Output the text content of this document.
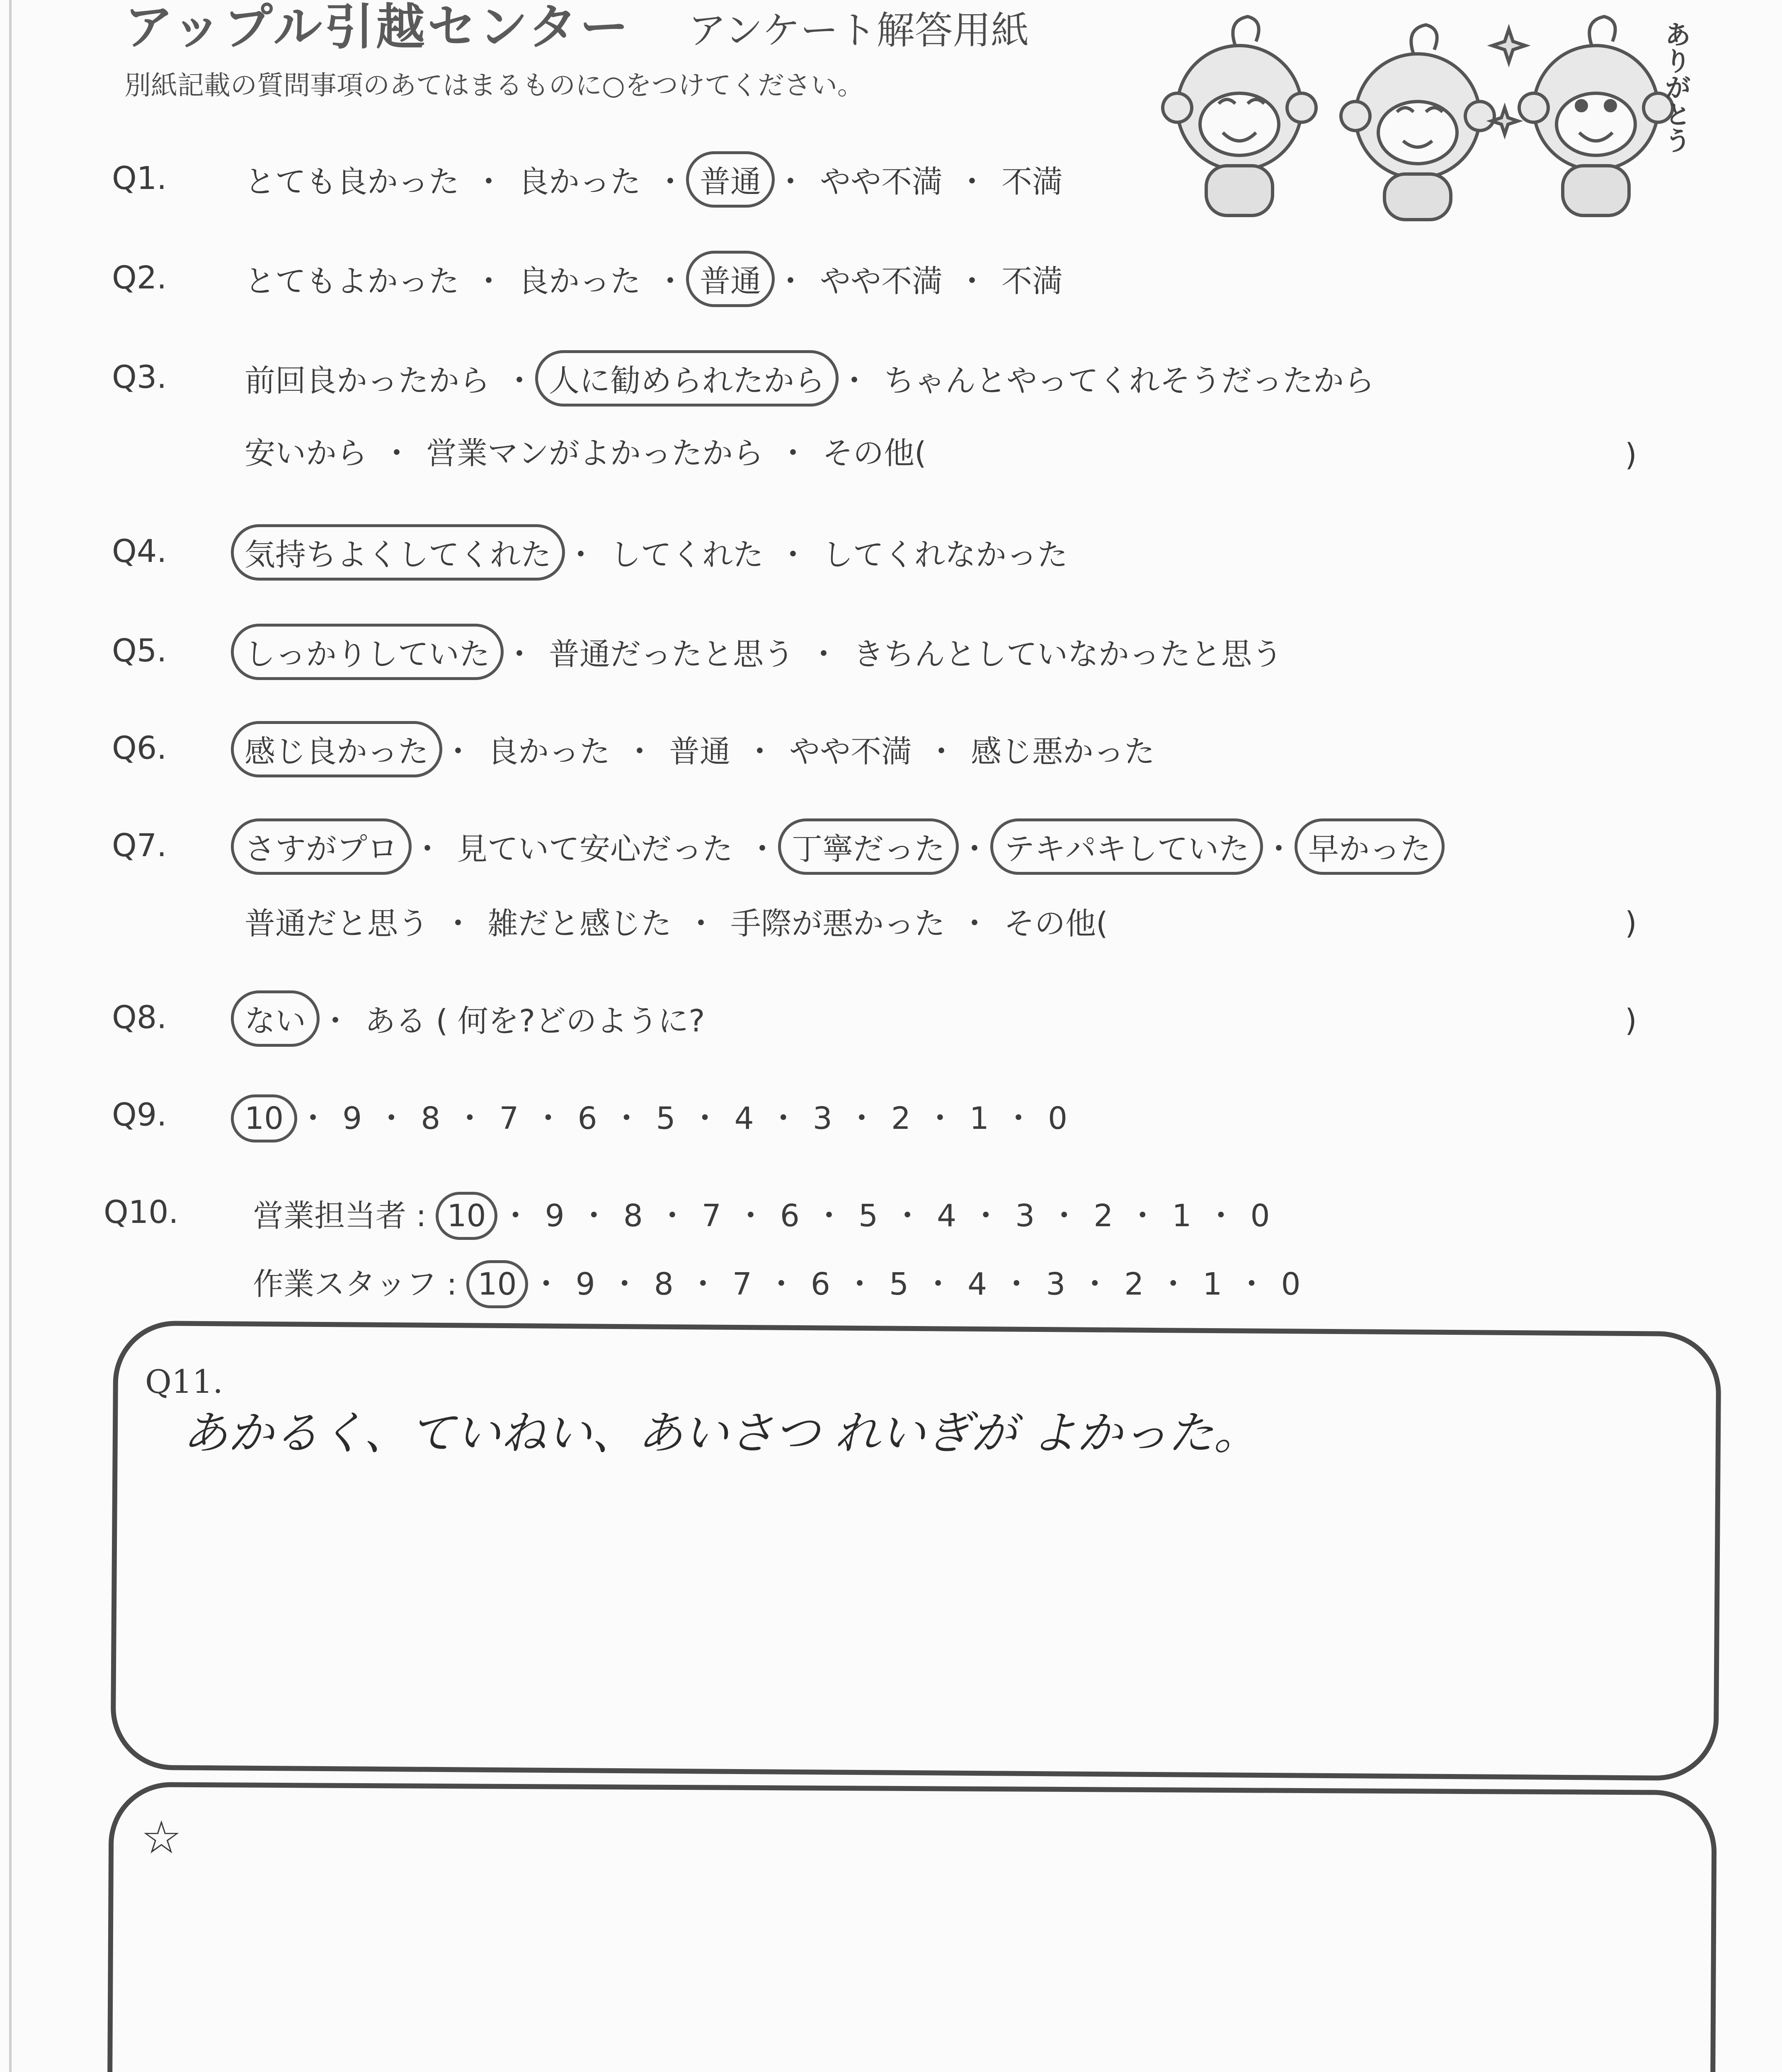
アップル引越センター アンケート解答用紙
別紙記載の質問事項のあてはまるものに○をつけてください。	ありがとう
Q1.	とても良かった ・ 良かった ・ 普通 ・ やや不満 ・ 不満
Q2.	とてもよかった ・ 良かった ・ 普通 ・ やや不満 ・ 不満
Q3.	前回良かったから ・ 人に勧められたから ・ ちゃんとやってくれそうだったから
安いから ・ 営業マンがよかったから ・ その他(
Q4.	気持ちよくしてくれた ・ してくれた ・ してくれなかった
Q5.	しっかりしていた ・ 普通だったと思う ・ きちんとしていなかったと思う
Q6.	感じ良かった ・ 良かった ・ 普通 ・ やや不満 ・ 感じ悪かった
Q7.	さすがプロ ・ 見ていて安心だった ・ 丁寧だった ・ テキパキしていた ・ 早かった
普通だと思う ・ 雑だと感じた ・ 手際が悪かった ・ その他(
Q8.	ない ・ ある ( 何を?どのように?
Q9.	10 ・ 9 ・ 8 ・ 7 ・ 6 ・ 5 ・ 4 ・ 3 ・ 2 ・ 1 ・ 0
Q10. 営業担当者 : 10 ・ 9 ・ 8 ・ 7 ・ 6 ・ 5 ・ 4 ・ 3 ・ 2 ・ 1 ・ 0
作業スタッフ : 10 ・ 9 ・ 8 ・ 7 ・ 6 ・ 5 ・ 4 ・ 3 ・ 2 ・ 1 ・ 0
)
)
)
Q11.
あかるく、ていねい、あいさつ れいぎが よかった。
☆
